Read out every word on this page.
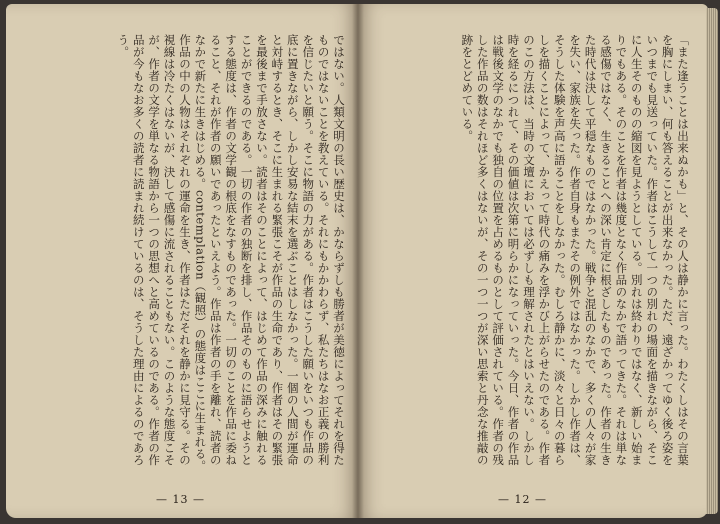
ではない。人類文明の長い歴史は、かならずしも勝者が美徳によってそれを得たものではないことを教えている。それにもかかわらず、私たちはなお正義の勝利を信じたいと願う。そこに物語の力がある。作者はこうした願いをいつも作品の底に置きながら、しかし安易な結末を選ぶことはしなかった。一個の人間が運命と対峙するとき、そこに生まれる緊張こそが作品の生命であり、作者はその緊張を最後まで手放さない。読者はそのことによって、はじめて作品の深みに触れることができるのである。一切の作者の独断を排し、作品そのものに語らせようとする態度は、作者の文学観の根底をなすものであった。一切のことを作品に委ねること、それが作者の願いであったといえよう。作品は作者の手を離れ、読者のなかで新たに生きはじめる。contemplation（観照）の態度はここに生まれる。作品の中の人物はそれぞれの運命を生き、作者はただそれを静かに見守る。その視線は冷たくはないが、決して感傷に流されることもない。このような態度こそが、作者の文学を単なる物語から一つの思想へと高めているのである。作者の作品が今もなお多くの読者に読まれ続けているのは、そうした理由によるのであろう。
— 13 —
「また逢うことは出来ぬかも」と、その人は静かに言った。わたくしはその言葉を胸にしまい、何も答えることが出来なかった。ただ、遠ざかってゆく後ろ姿をいつまでも見送っていた。作者はこうして一つの別れの場面を描きながら、そこに人生そのものの縮図を見ようとしている。別れは終わりではなく、新しい始まりでもある。そのことを作者は幾度となく作品のなかで語ってきた。それは単なる感傷ではなく、生きることへの深い肯定に根ざしたものであった。作者の生きた時代は決して平穏なものではなかった。戦争と混乱のなかで、多くの人々が家を失い、家族を失った。作者自身もまたその例外ではなかった。しかし作者は、そうした体験を声高に語ることをしなかった。むしろ静かに、淡々と日々の暮らしを描くことによって、かえって時代の痛みを浮かび上がらせたのである。作者のこの方法は、当時の文壇においては必ずしも理解されたとはいえない。しかし時を経るにつれて、その価値は次第に明らかになっていった。今日、作者の作品は戦後文学のなかでも独自の位置を占めるものとして評価されている。作者の残した作品の数はそれほど多くはないが、その一つ一つが深い思索と丹念な推敲の跡をとどめている。
— 12 —
